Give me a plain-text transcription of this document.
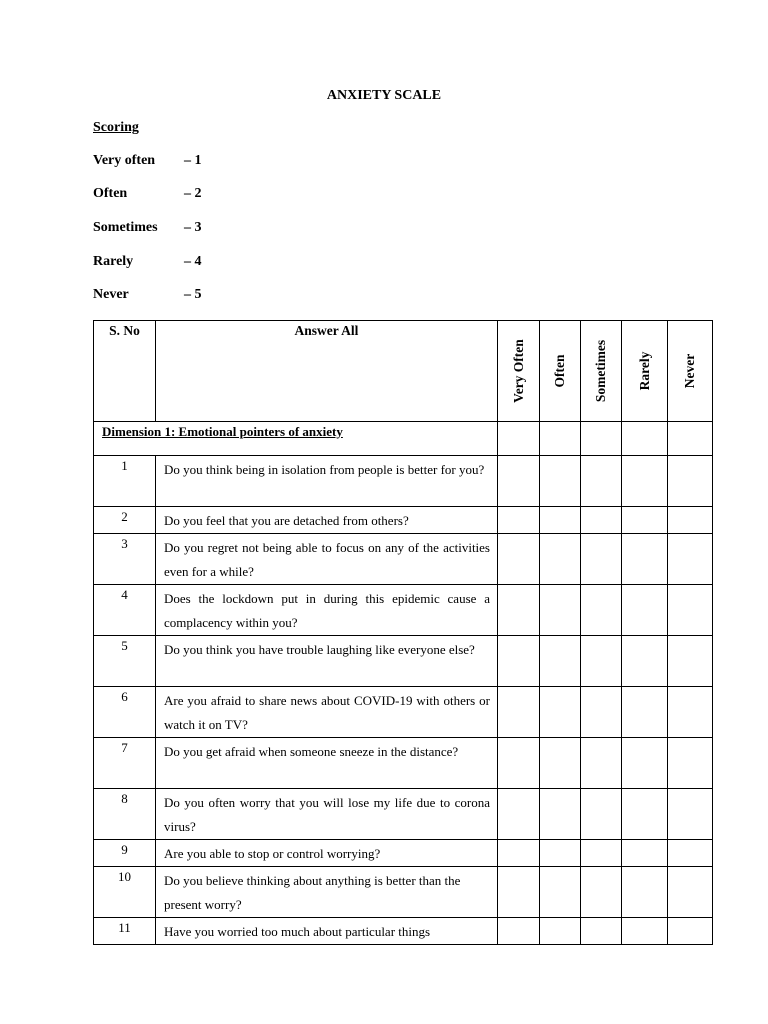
ANXIETY SCALE
Scoring
Very often – 1
Often	– 2
Sometimes – 3
Rarely	– 4
Never	– 5
S. No	Answer All	Very Often	Often	Sometimes	Rarely	Never

Dimension 1: Emotional pointers of anxiety						
1	Do you think being in isolation from people is better for you?					
2	Do you feel that you are detached from others?					
3	Do you regret not being able to focus on any of the activities even for a while?					
4	Does the lockdown put in during this epidemic cause a complacency within you?					
5	Do you think you have trouble laughing like everyone else?					
6	Are you afraid to share news about COVID-19 with others or watch it on TV?					
7	Do you get afraid when someone sneeze in the distance?					
8	Do you often worry that you will lose my life due to corona virus?					
9	Are you able to stop or control worrying?					
10	Do you believe thinking about anything is better than the present worry?					
11	Have you worried too much about particular things					
